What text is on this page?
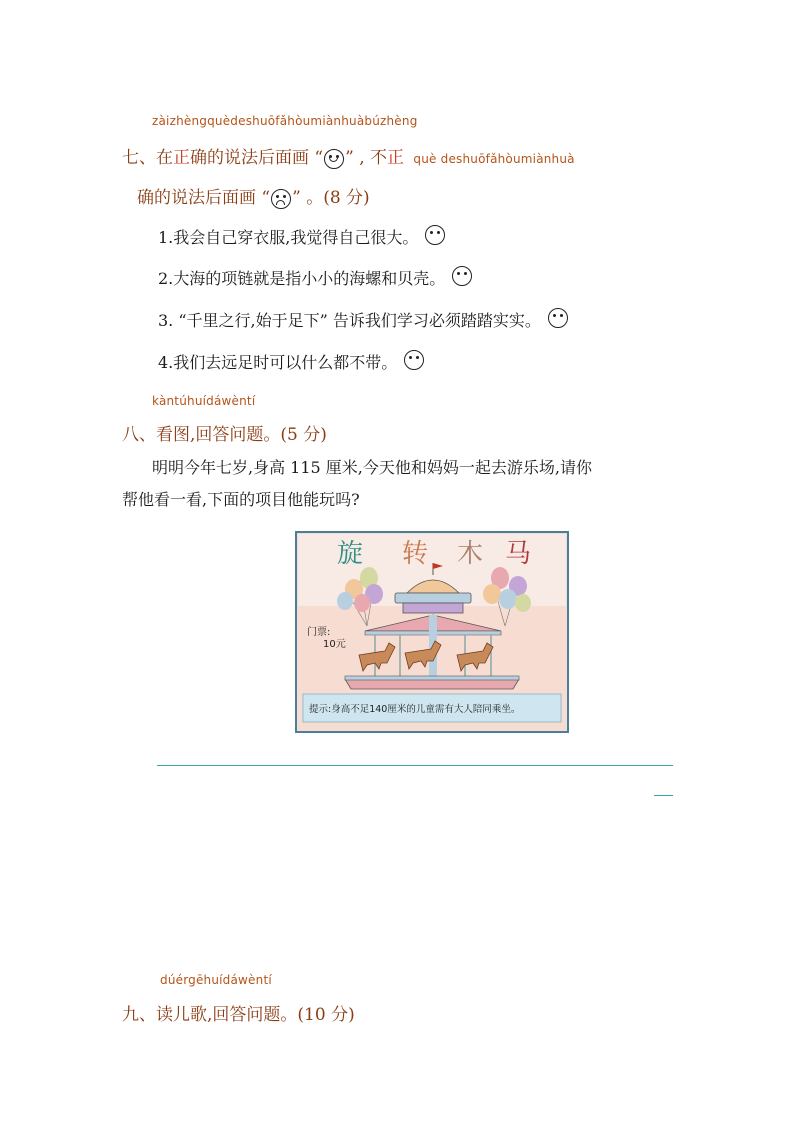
zàizhèngquèdeshuōfǎhòumiànhuàbúzhèng
七、在正确的说法后面画 “ ” , 不正 què deshuōfǎhòumiànhuà
确的说法后面画 “ ” 。(8 分)
1.我会自己穿衣服,我觉得自己很大。
2.大海的项链就是指小小的海螺和贝壳。
3. “千里之行,始于足下” 告诉我们学习必须踏踏实实。
4.我们去远足时可以什么都不带。
kàntúhuídáwèntí
八、看图,回答问题。(5 分)
明明今年七岁,身高 115 厘米,今天他和妈妈一起去游乐场,请你
帮他看一看,下面的项目他能玩吗?
旋 转 木 马
门票:
10元
提示:身高不足140厘米的儿童需有大人陪同乘坐。
dúérgēhuídáwèntí
九、读儿歌,回答问题。(10 分)
